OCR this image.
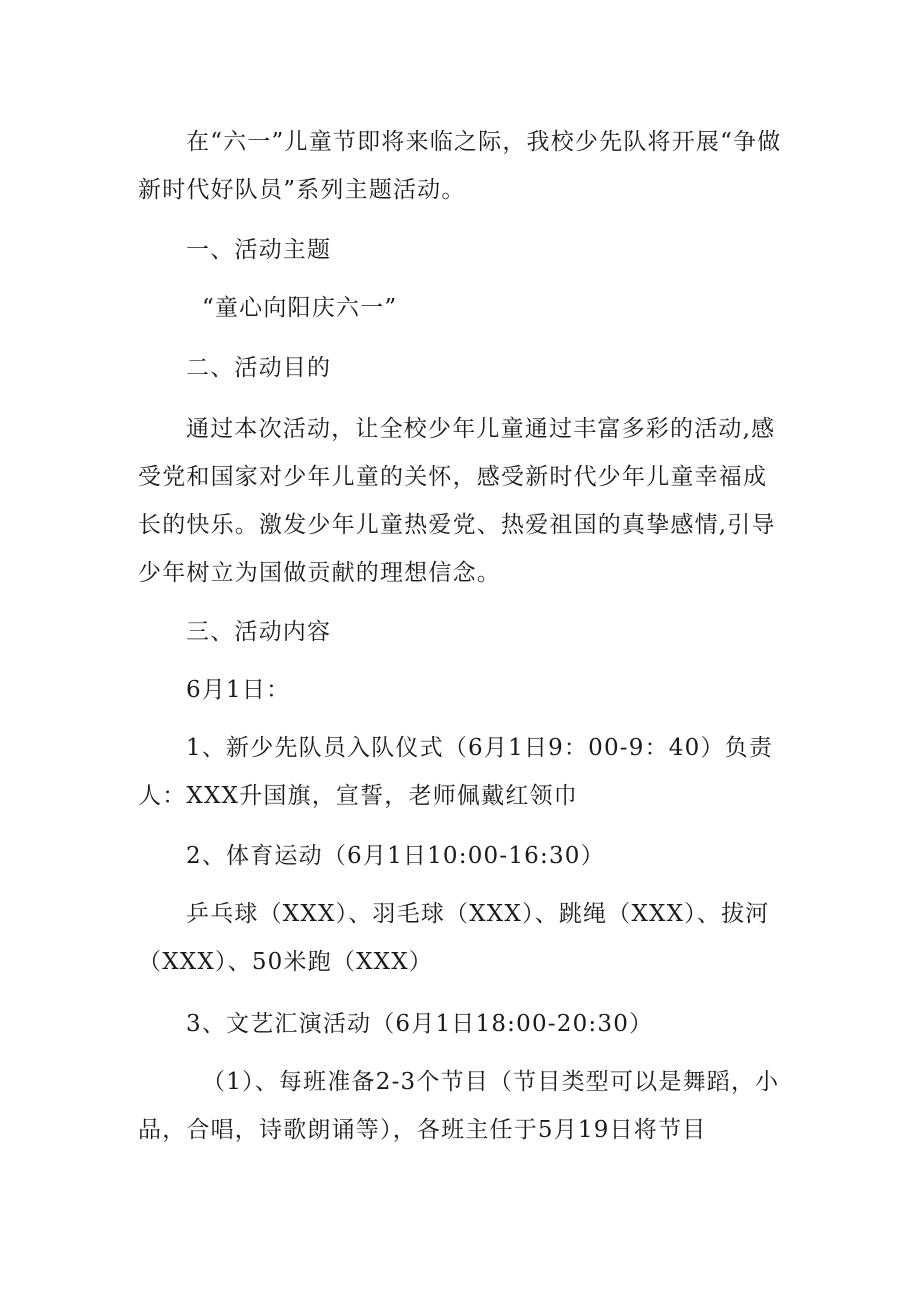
在“六一”儿童节即将来临之际，我校少先队将开展“争做新时代好队员”系列主题活动。

一、活动主题

“童心向阳庆六一”

二、活动目的

通过本次活动，让全校少年儿童通过丰富多彩的活动,感受党和国家对少年儿童的关怀，感受新时代少年儿童幸福成长的快乐。激发少年儿童热爱党、热爱祖国的真挚感情,引导少年树立为国做贡献的理想信念。

三、活动内容

6月1日：

1、新少先队员入队仪式（6月1日9：00-9：40）负责人：XXX升国旗，宣誓，老师佩戴红领巾

2、体育运动（6月1日10:00-16:30）

乒乓球（XXX）、羽毛球（XXX）、跳绳（XXX）、拔河（XXX）、50米跑（XXX）

3、文艺汇演活动（6月1日18:00-20:30）

（1）、每班准备2-3个节目（节目类型可以是舞蹈，小品，合唱，诗歌朗诵等），各班主任于5月19日将节目
